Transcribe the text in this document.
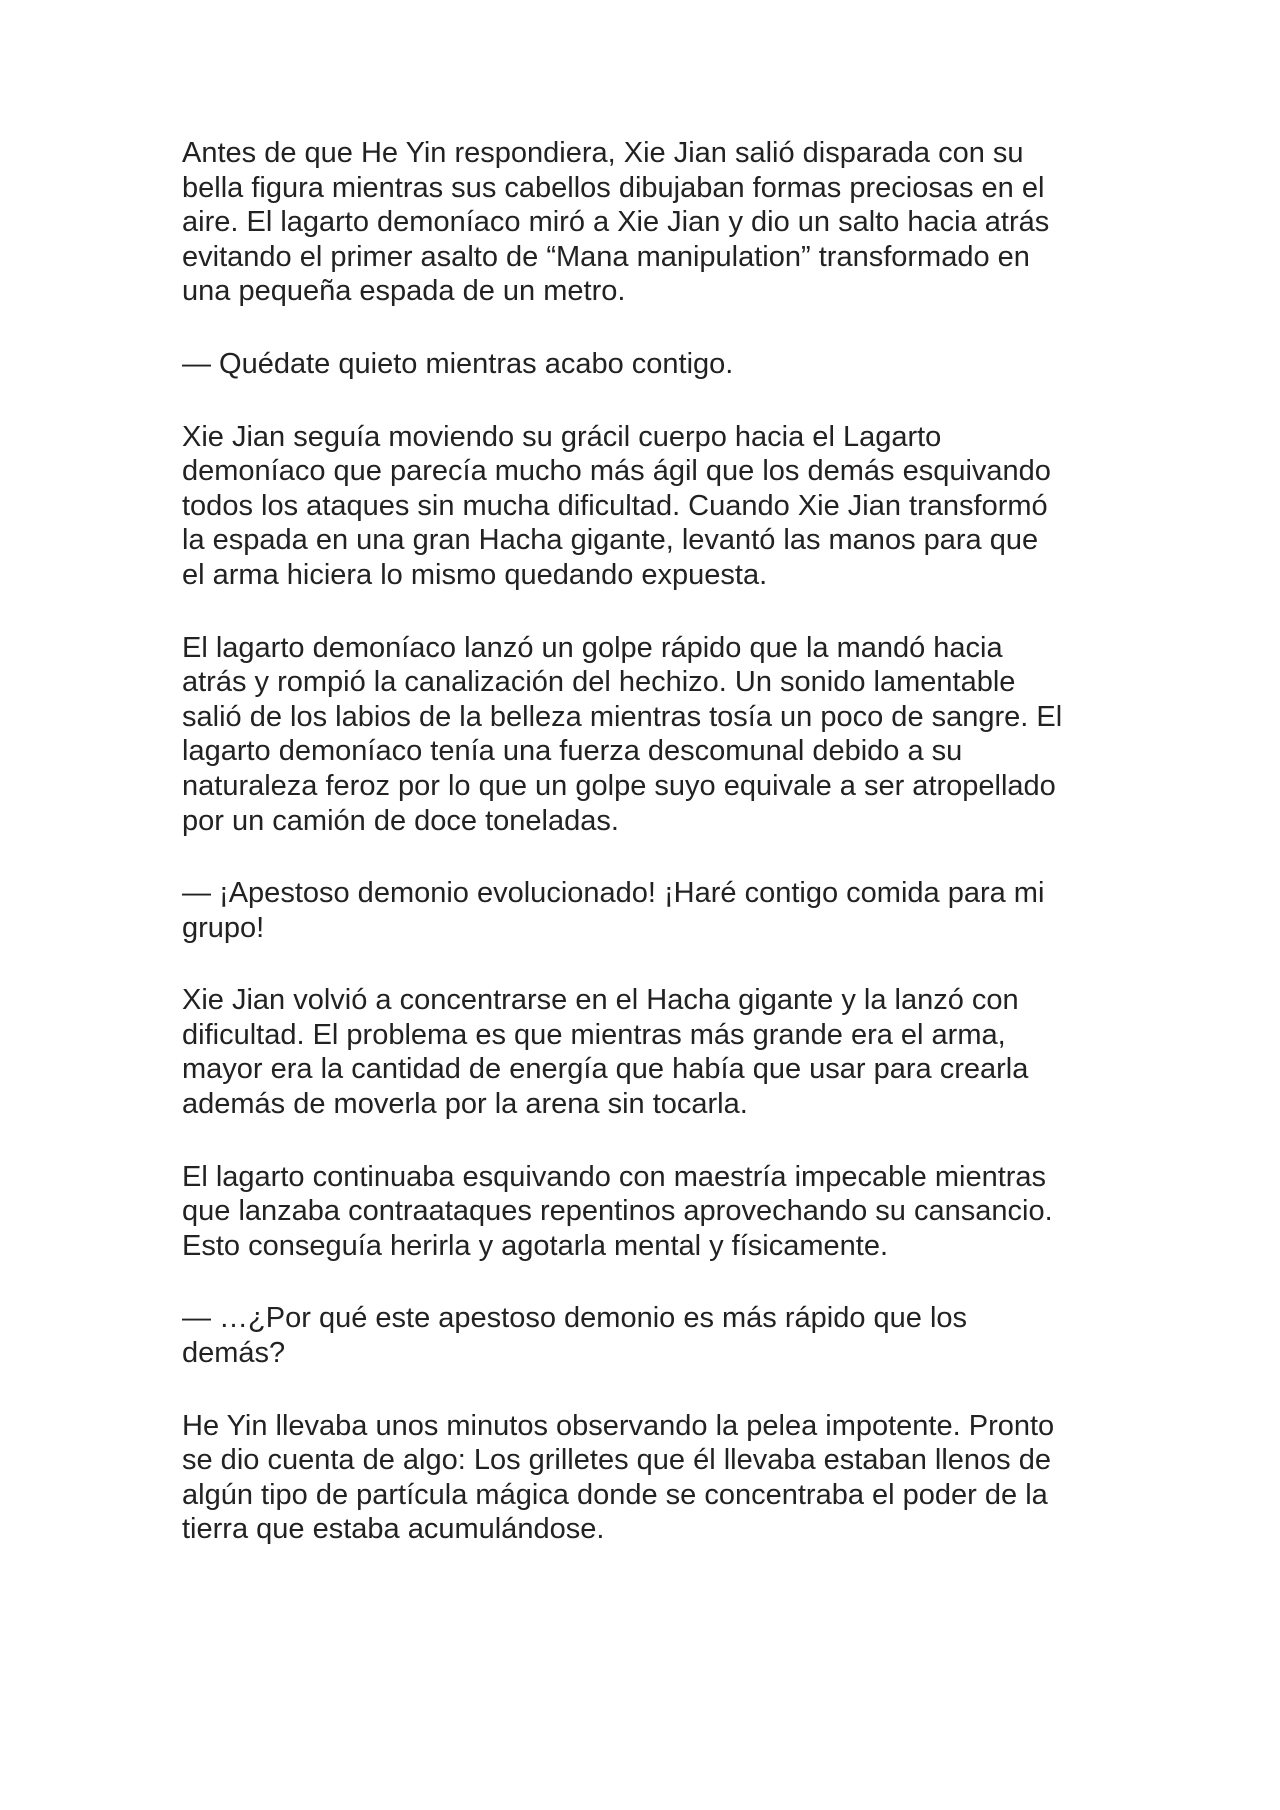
Antes de que He Yin respondiera, Xie Jian salió disparada con su
bella figura mientras sus cabellos dibujaban formas preciosas en el
aire. El lagarto demoníaco miró a Xie Jian y dio un salto hacia atrás
evitando el primer asalto de “Mana manipulation” transformado en
una pequeña espada de un metro.

— Quédate quieto mientras acabo contigo.

Xie Jian seguía moviendo su grácil cuerpo hacia el Lagarto
demoníaco que parecía mucho más ágil que los demás esquivando
todos los ataques sin mucha dificultad. Cuando Xie Jian transformó
la espada en una gran Hacha gigante, levantó las manos para que
el arma hiciera lo mismo quedando expuesta.

El lagarto demoníaco lanzó un golpe rápido que la mandó hacia
atrás y rompió la canalización del hechizo. Un sonido lamentable
salió de los labios de la belleza mientras tosía un poco de sangre. El
lagarto demoníaco tenía una fuerza descomunal debido a su
naturaleza feroz por lo que un golpe suyo equivale a ser atropellado
por un camión de doce toneladas.

— ¡Apestoso demonio evolucionado! ¡Haré contigo comida para mi
grupo!

Xie Jian volvió a concentrarse en el Hacha gigante y la lanzó con
dificultad. El problema es que mientras más grande era el arma,
mayor era la cantidad de energía que había que usar para crearla
además de moverla por la arena sin tocarla.

El lagarto continuaba esquivando con maestría impecable mientras
que lanzaba contraataques repentinos aprovechando su cansancio.
Esto conseguía herirla y agotarla mental y físicamente.

— …¿Por qué este apestoso demonio es más rápido que los
demás?

He Yin llevaba unos minutos observando la pelea impotente. Pronto
se dio cuenta de algo: Los grilletes que él llevaba estaban llenos de
algún tipo de partícula mágica donde se concentraba el poder de la
tierra que estaba acumulándose.
